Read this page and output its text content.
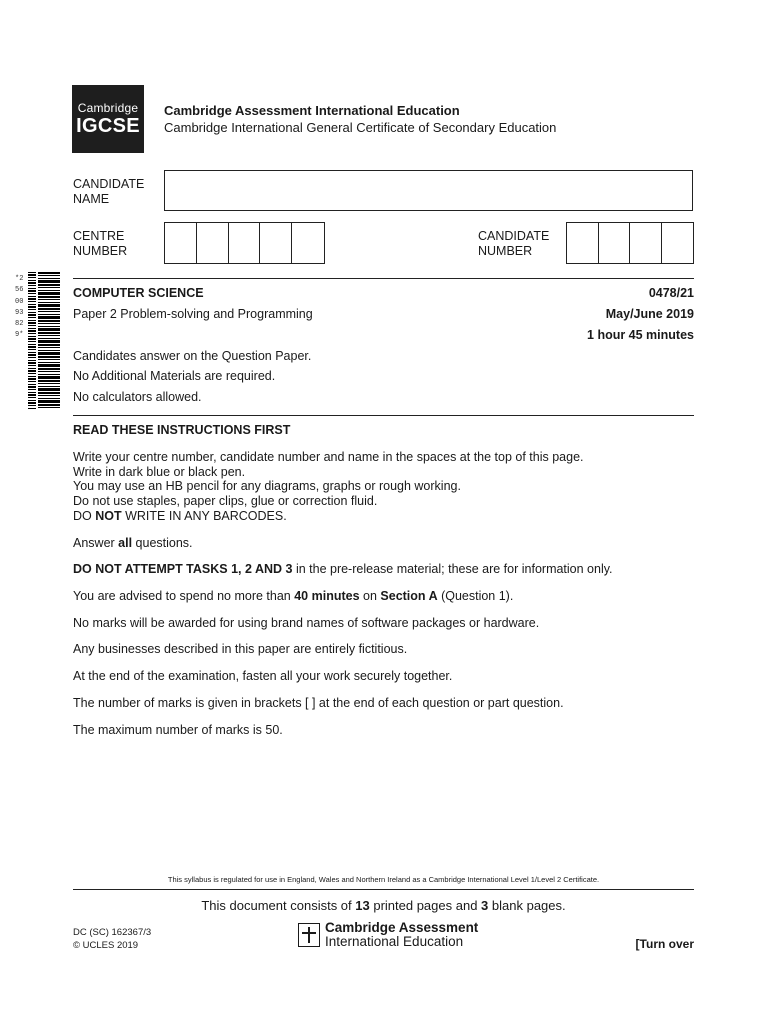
Cambridge
IGCSE
Cambridge Assessment International Education
Cambridge International General Certificate of Secondary Education
CANDIDATE
NAME
CENTRE
NUMBER
CANDIDATE
NUMBER
*2560093829*
COMPUTER SCIENCE	0478/21
Paper 2 Problem-solving and Programming	May/June 2019
1 hour 45 minutes
Candidates answer on the Question Paper.
No Additional Materials are required.
No calculators allowed.
READ THESE INSTRUCTIONS FIRST
Write your centre number, candidate number and name in the spaces at the top of this page.
Write in dark blue or black pen.
You may use an HB pencil for any diagrams, graphs or rough working.
Do not use staples, paper clips, glue or correction fluid.
DO NOT WRITE IN ANY BARCODES.
Answer all questions.
DO NOT ATTEMPT TASKS 1, 2 AND 3 in the pre-release material; these are for information only.
You are advised to spend no more than 40 minutes on Section A (Question 1).
No marks will be awarded for using brand names of software packages or hardware.
Any businesses described in this paper are entirely fictitious.
At the end of the examination, fasten all your work securely together.
The number of marks is given in brackets [ ] at the end of each question or part question.
The maximum number of marks is 50.
This syllabus is regulated for use in England, Wales and Northern Ireland as a Cambridge International Level 1/Level 2 Certificate.
This document consists of 13 printed pages and 3 blank pages.
DC (SC) 162367/3
© UCLES 2019
Cambridge Assessment
International Education	[Turn over
